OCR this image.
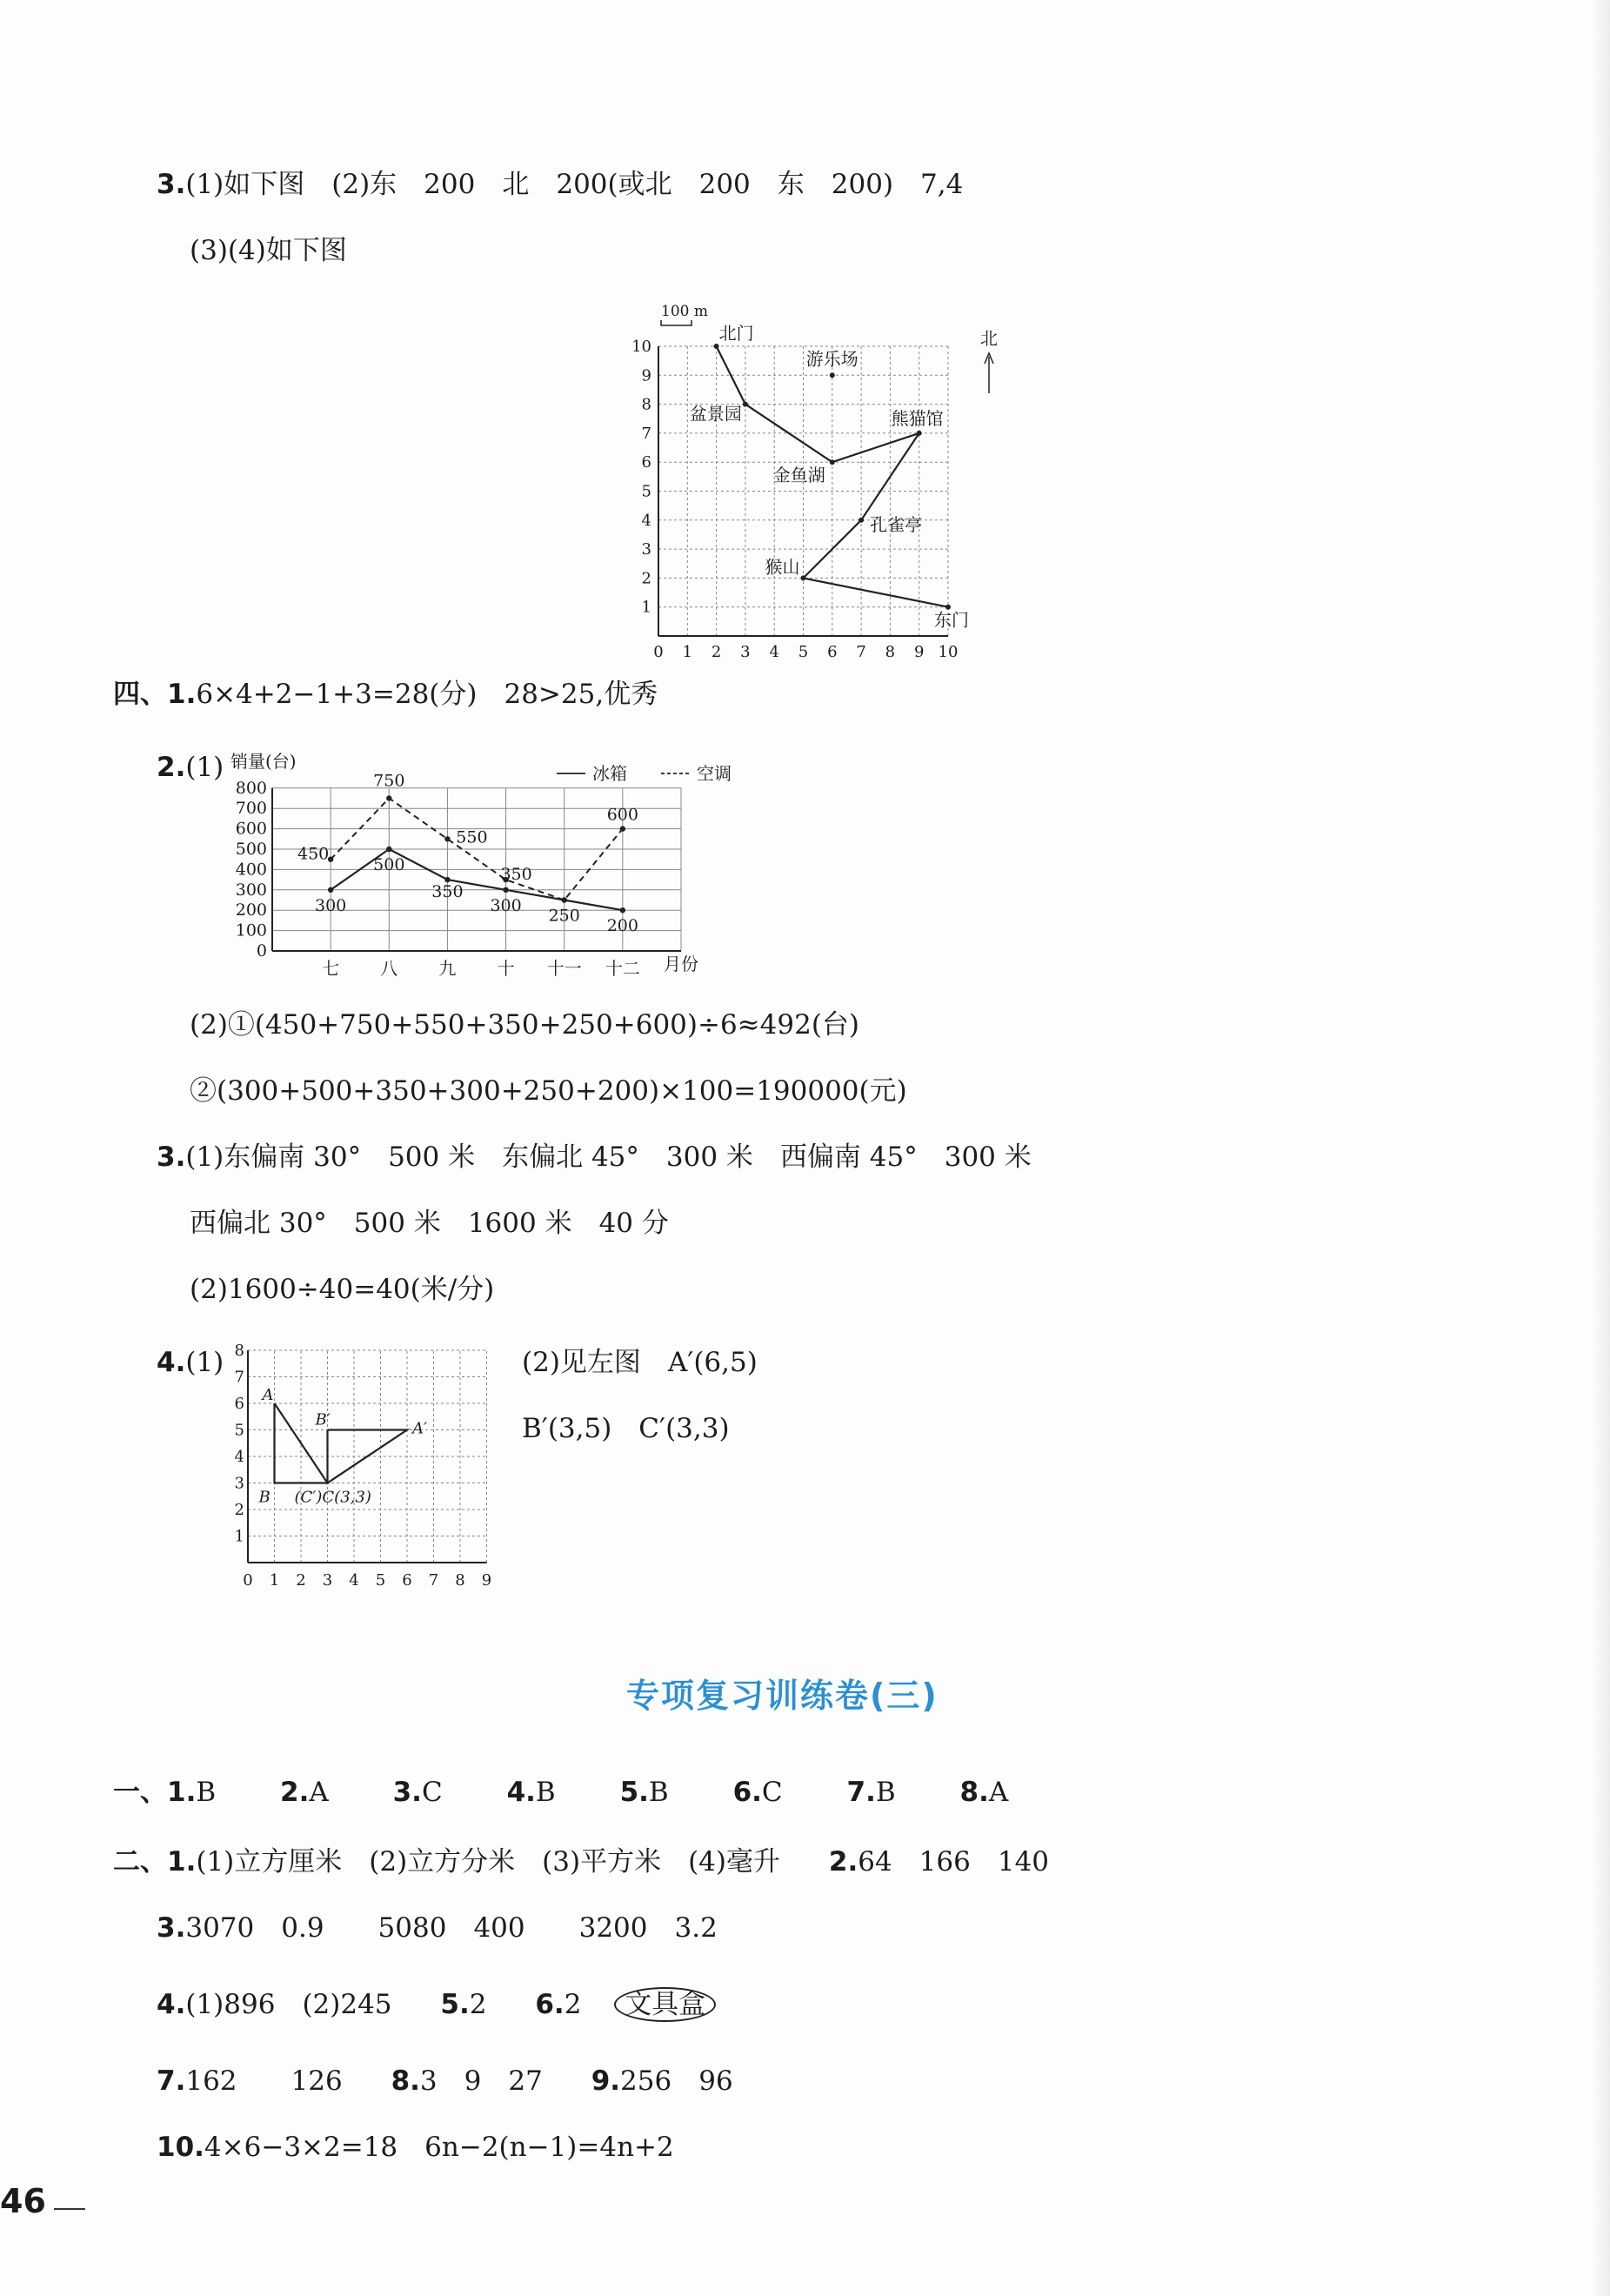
3.(1)如下图　(2)东　200　北　200(或北　200　东　200)　7,4
(3)(4)如下图
0 1 2 3 4 5 6 7 8 9 10
1
2
3
4
5
6
7
8
9
10
北门
游乐场
盆景园	熊猫馆
金鱼湖
孔雀亭
猴山
东门
100 m
北
四、1.6×4+2−1+3=28(分)　28>25,优秀
2.(1) 销量(台)
0
100
200
300
400
500
600
700
800
七 八 九 十 十一 十二
300
500
350
300
250
200
450
750
550
350
600
冰箱	空调
月份
(2)①(450+750+550+350+250+600)÷6≈492(台)
②(300+500+350+300+250+200)×100=190000(元)
3.(1)东偏南 30°　500 米　东偏北 45°　300 米　西偏南 45°　300 米
西偏北 30°　500 米　1600 米　40 分
(2)1600÷40=40(米/分)
4.(1)
0 1 2 3 4 5 6 7 8 9
1
2
3
4
5
6
7
8
A
B (C′)C(3,3)
B′	A′
(2)见左图　A′(6,5)
B′(3,5)　C′(3,3)
专项复习训练卷(三)
一、1.B 2.A 3.C 4.B 5.B 6.C 7.B 8.A
二、1.(1)立方厘米　(2)立方分米　(3)平方米　(4)毫升 2.64　166　140
3.3070　0.9　　5080　400　　3200　3.2
4.(1)896　(2)245 5.2 6.2 文具盒
7.162　　126 8.3　9　27 9.256　96
10.4×6−3×2=18　6n−2(n−1)=4n+2
46
